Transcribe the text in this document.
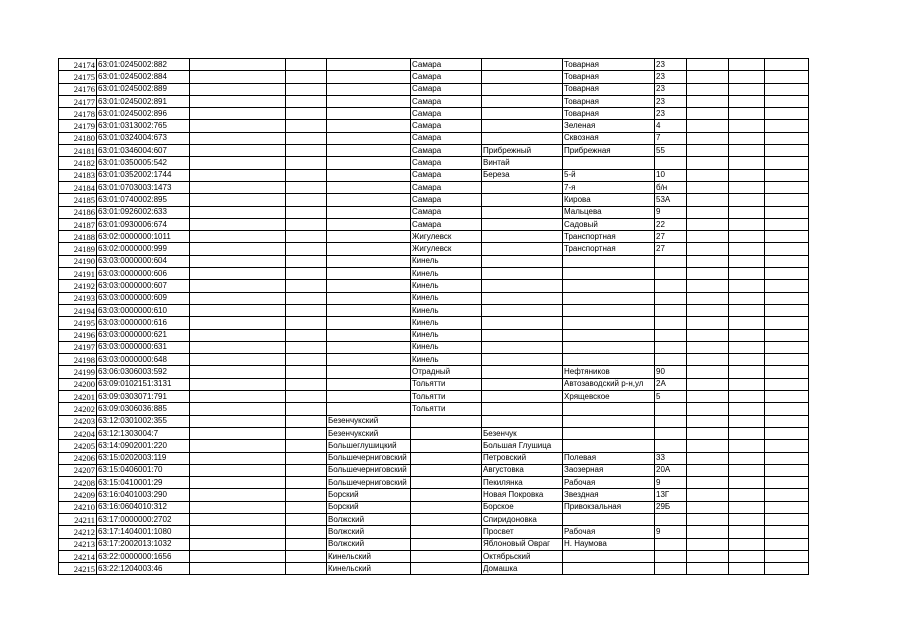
24174	63:01:0245002:882				Самара		Товарная	23			
24175	63:01:0245002:884				Самара		Товарная	23			
24176	63:01:0245002:889				Самара		Товарная	23			
24177	63:01:0245002:891				Самара		Товарная	23			
24178	63:01:0245002:896				Самара		Товарная	23			
24179	63:01:0313002:765				Самара		Зеленая	4			
24180	63:01:0324004:673				Самара		Сквозная	7			
24181	63:01:0346004:607				Самара	Прибрежный	Прибрежная	55			
24182	63:01:0350005:542				Самара	Винтай					
24183	63:01:0352002:1744				Самара	Береза	5-й	10			
24184	63:01:0703003:1473				Самара		7-я	б/н			
24185	63:01:0740002:895				Самара		Кирова	53А			
24186	63:01:0926002:633				Самара		Мальцева	9			
24187	63:01:0930006:674				Самара		Садовый	22			
24188	63:02:0000000:1011				Жигулевск		Транспортная	27			
24189	63:02:0000000:999				Жигулевск		Транспортная	27			
24190	63:03:0000000:604				Кинель						
24191	63:03:0000000:606				Кинель						
24192	63:03:0000000:607				Кинель						
24193	63:03:0000000:609				Кинель						
24194	63:03:0000000:610				Кинель						
24195	63:03:0000000:616				Кинель						
24196	63:03:0000000:621				Кинель						
24197	63:03:0000000:631				Кинель						
24198	63:03:0000000:648				Кинель						
24199	63:06:0306003:592				Отрадный		Нефтяников	90			
24200	63:09:0102151:3131				Тольятти		Автозаводский р-н,ул	2А			
24201	63:09:0303071:791				Тольятти		Хрящевское	5			
24202	63:09:0306036:885				Тольятти						
24203	63:12:0301002:355			Безенчукский							
24204	63:12:1303004:7			Безенчукский		Безенчук					
24205	63:14:0902001:220			Большеглушицкий		Большая Глушица					
24206	63:15:0202003:119			Большечерниговский		Петровский	Полевая	33			
24207	63:15:0406001:70			Большечерниговский		Августовка	Заозерная	20А			
24208	63:15:0410001:29			Большечерниговский		Пекилянка	Рабочая	9			
24209	63:16:0401003:290			Борский		Новая Покровка	Звездная	13Г			
24210	63:16:0604010:312			Борский		Борское	Привокзальная	29Б			
24211	63:17:0000000:2702			Волжский		Спиридоновка					
24212	63:17:1404001:1080			Волжский		Просвет	Рабочая	9			
24213	63:17:2002013:1032			Волжский		Яблоновый Овраг	Н. Наумова				
24214	63:22:0000000:1656			Кинельский		Октябрьский					
24215	63:22:1204003:46			Кинельский		Домашка					
